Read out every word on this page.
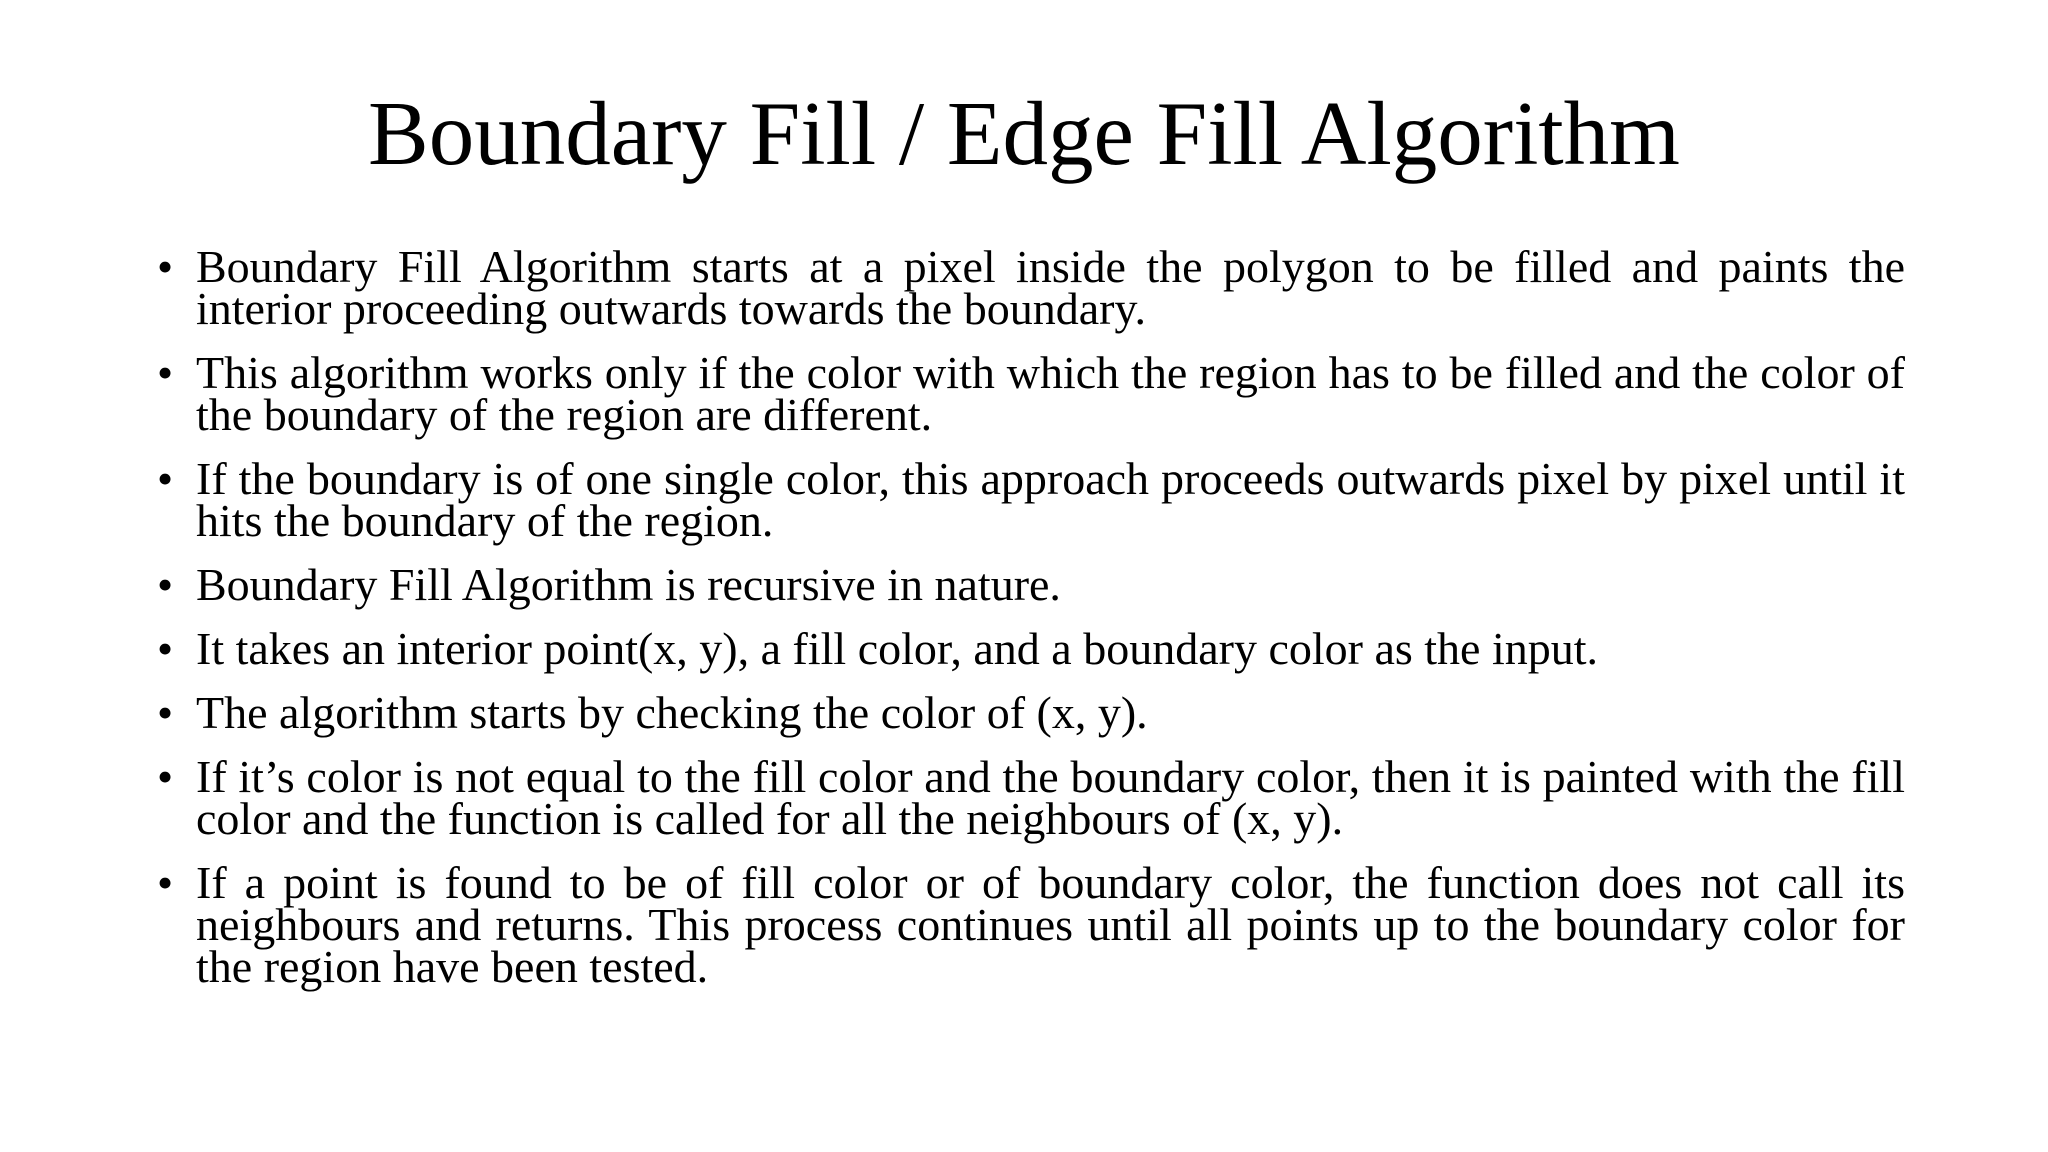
Boundary Fill / Edge Fill Algorithm
• Boundary Fill Algorithm starts at a pixel inside the polygon to be filled and paints the interior proceeding outwards towards the boundary.
• This algorithm works only if the color with which the region has to be filled and the color of the boundary of the region are different.
• If the boundary is of one single color, this approach proceeds outwards pixel by pixel until it hits the boundary of the region.
• Boundary Fill Algorithm is recursive in nature.
• It takes an interior point(x, y), a fill color, and a boundary color as the input.
• The algorithm starts by checking the color of (x, y).
• If it’s color is not equal to the fill color and the boundary color, then it is painted with the fill color and the function is called for all the neighbours of (x, y).
• If a point is found to be of fill color or of boundary color, the function does not call its neighbours and returns. This process continues until all points up to the boundary color for the region have been tested.
